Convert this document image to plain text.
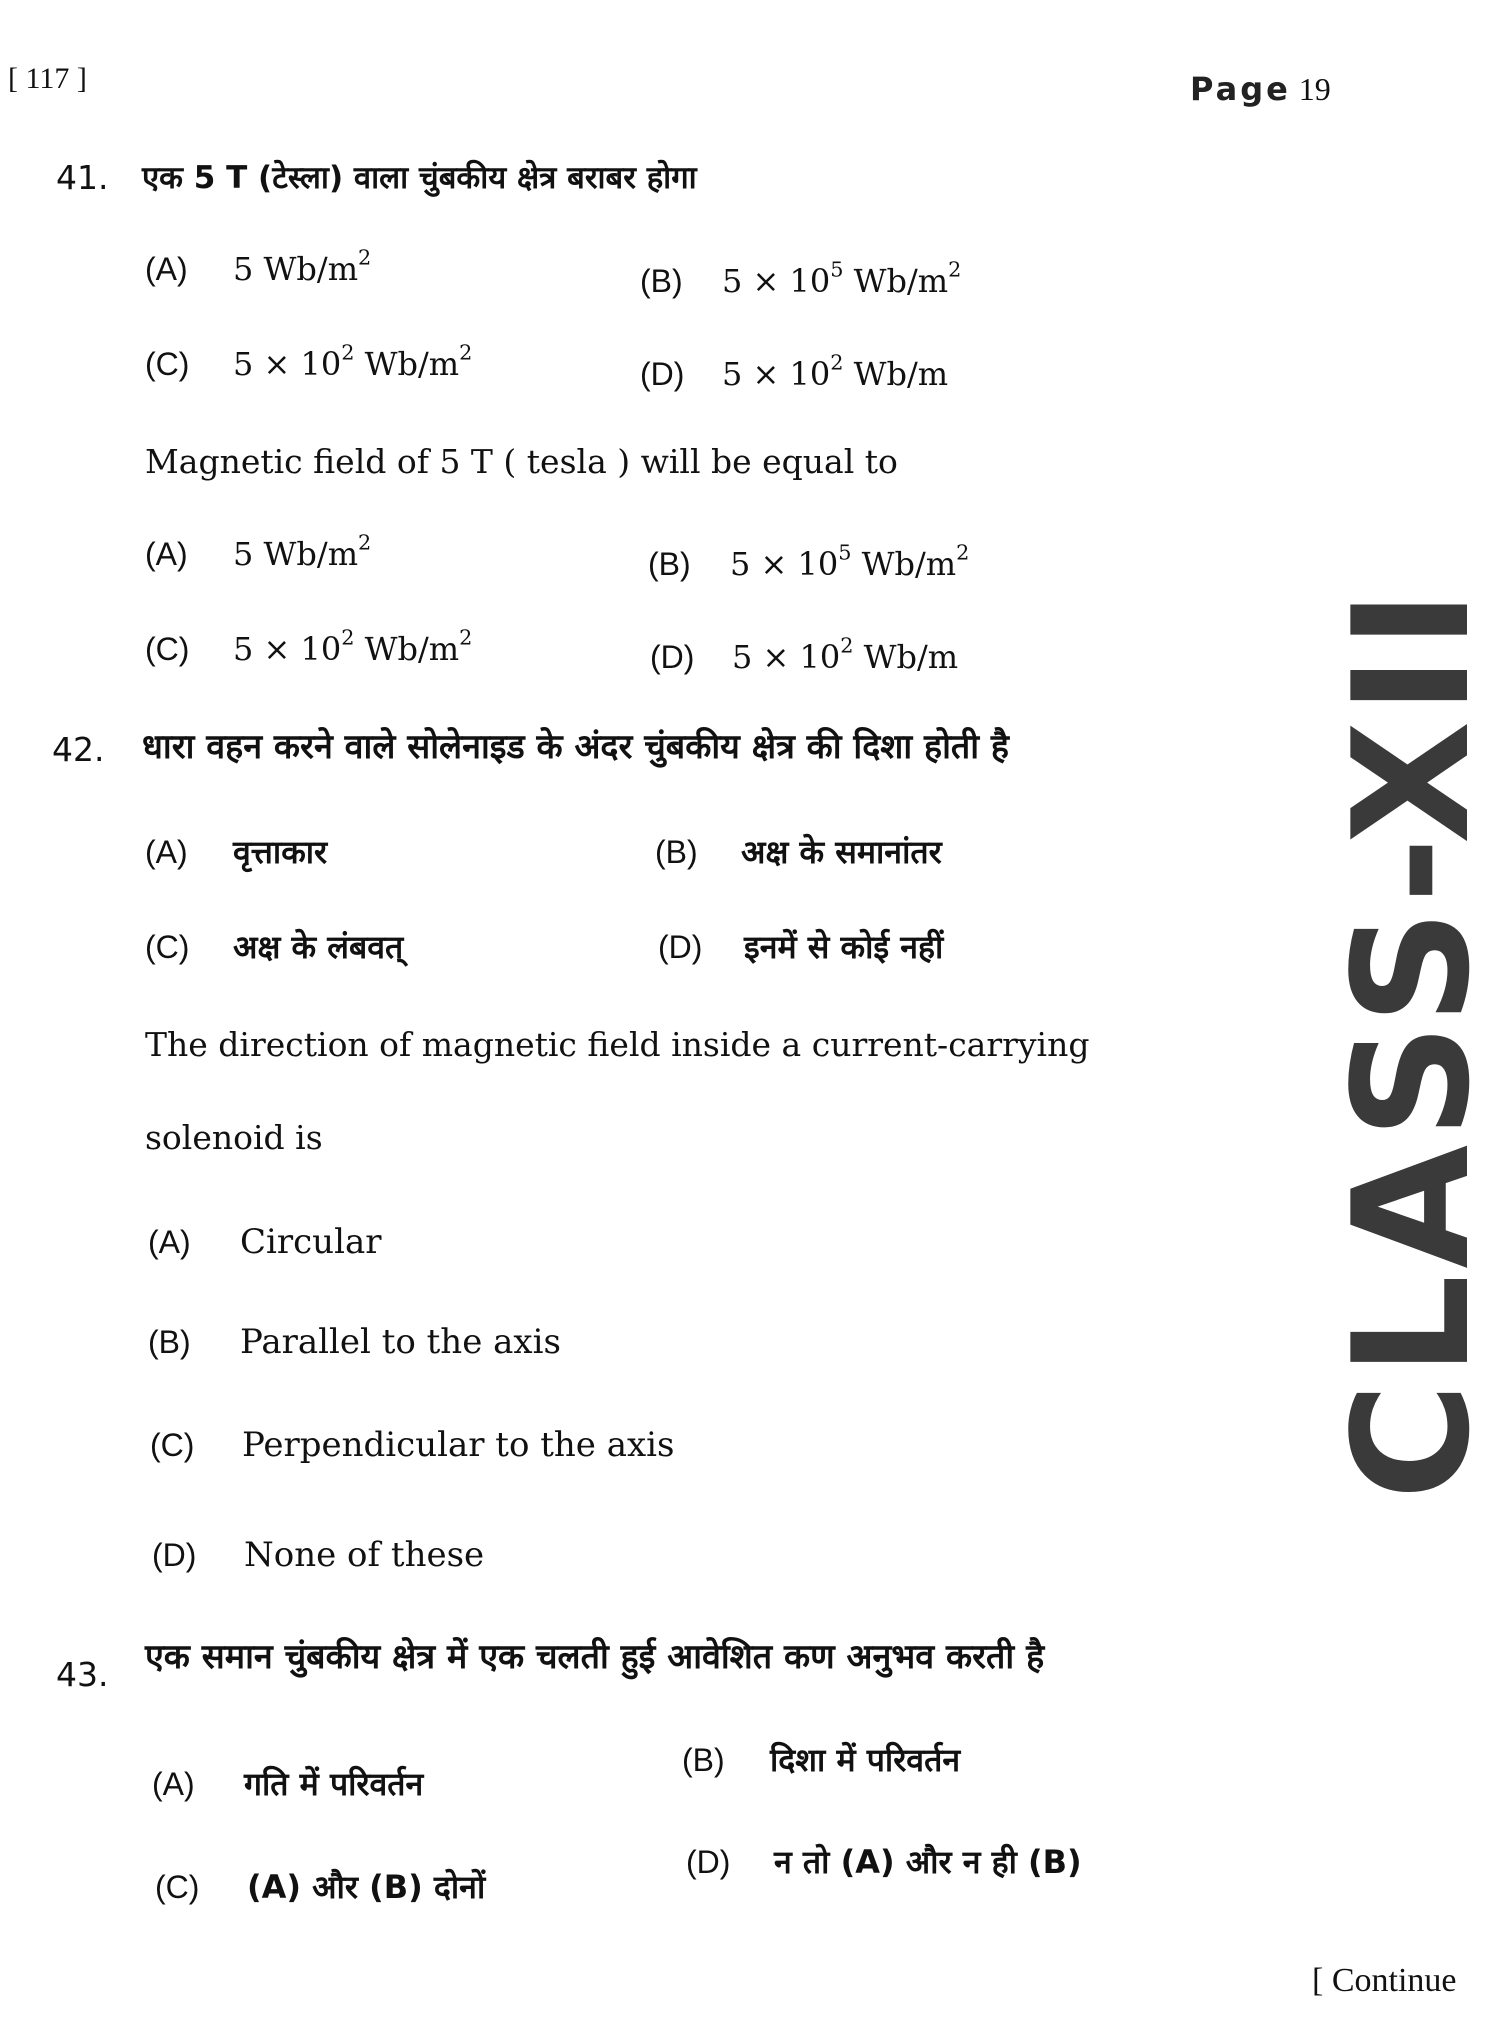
[ 117 ]	Page 19
CLASS-XII
41. एक 5 T (टेस्ला) वाला चुंबकीय क्षेत्र बराबर होगा
(A) 5 $Wb/m^2$
(B) $5 \times 10^5$ $Wb/m^2$
(C) $5 \times 10^2$ $Wb/m^2$
(D) $5 \times 10^2$ Wb/m
Magnetic field of 5 T ( tesla ) will be equal to
(A) 5 $Wb/m^2$
(B) $5 \times 10^5$ $Wb/m^2$
(C) $5 \times 10^2$ $Wb/m^2$
(D) $5 \times 10^2$ Wb/m
42. धारा वहन करने वाले सोलेनाइड के अंदर चुंबकीय क्षेत्र की दिशा होती है
(A) वृत्ताकार	(B) अक्ष के समानांतर
(C) अक्ष के लंबवत्	(D) इनमें से कोई नहीं
The direction of magnetic field inside a current-carrying
solenoid is
(A) Circular
(B) Parallel to the axis
(C) Perpendicular to the axis
(D) None of these
43. एक समान चुंबकीय क्षेत्र में एक चलती हुई आवेशित कण अनुभव करती है
(A) गति में परिवर्तन
(B) दिशा में परिवर्तन
(C) (A) और (B) दोनों
(D) न तो (A) और न ही (B)
[ Continue
